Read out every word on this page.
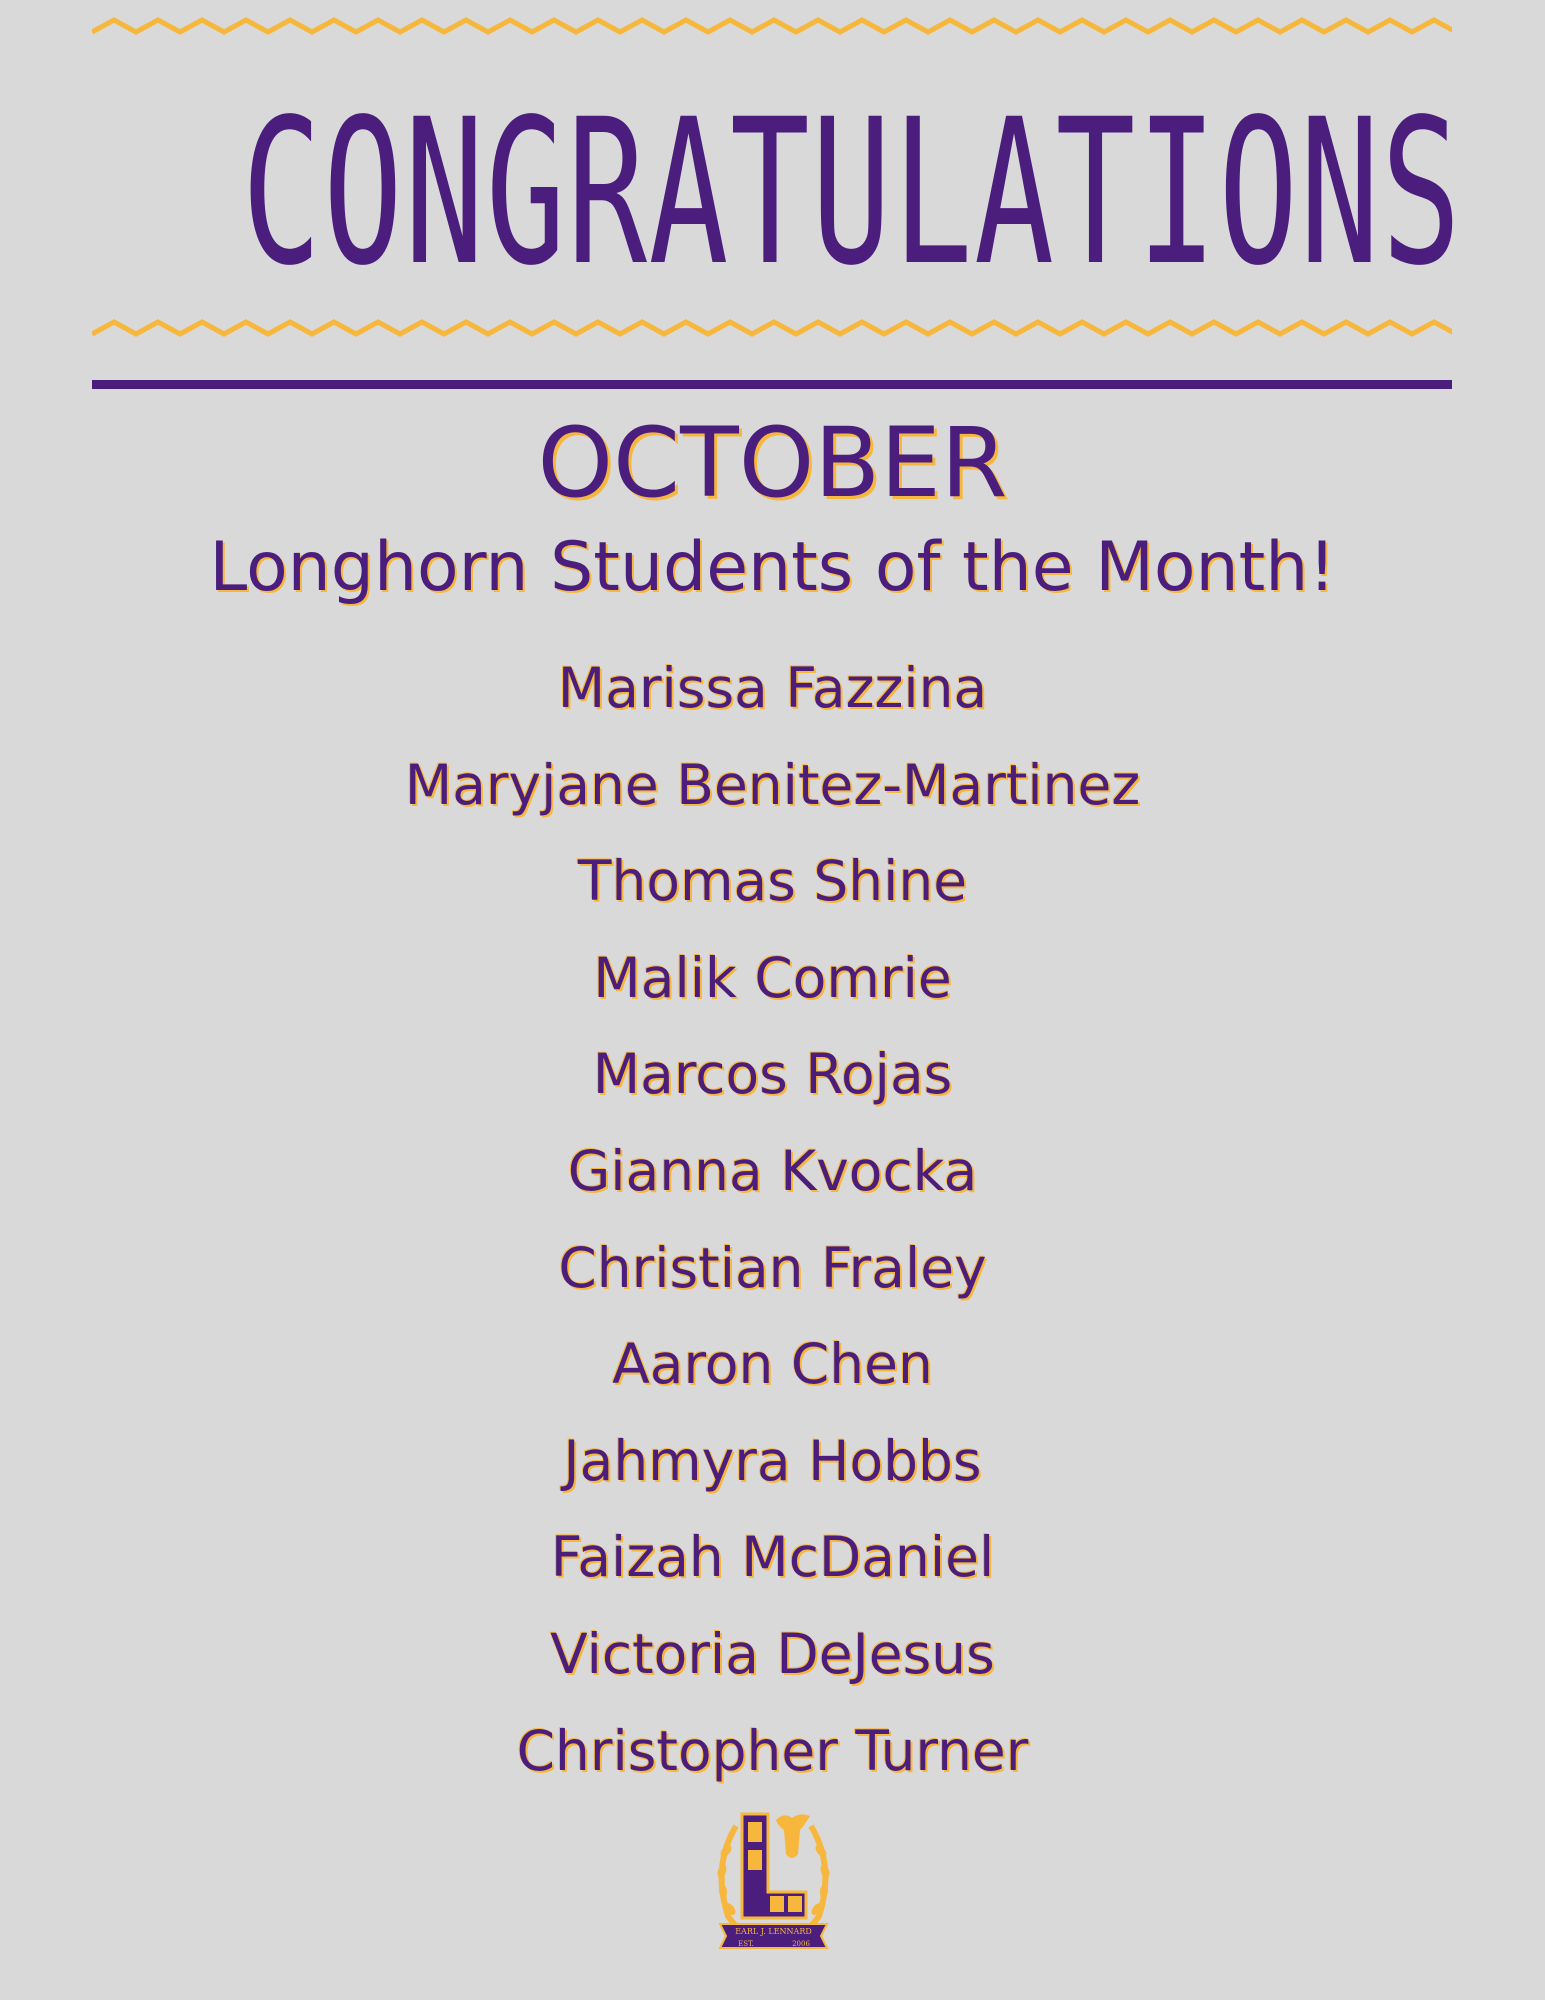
CONGRATULATIONS
OCTOBER
Longhorn Students of the Month!
Marissa Fazzina
Maryjane Benitez-Martinez
Thomas Shine
Malik Comrie
Marcos Rojas
Gianna Kvocka
Christian Fraley
Aaron Chen
Jahmyra Hobbs
Faizah McDaniel
Victoria DeJesus
Christopher Turner
EARL J. LENNARD
EST.	2006
